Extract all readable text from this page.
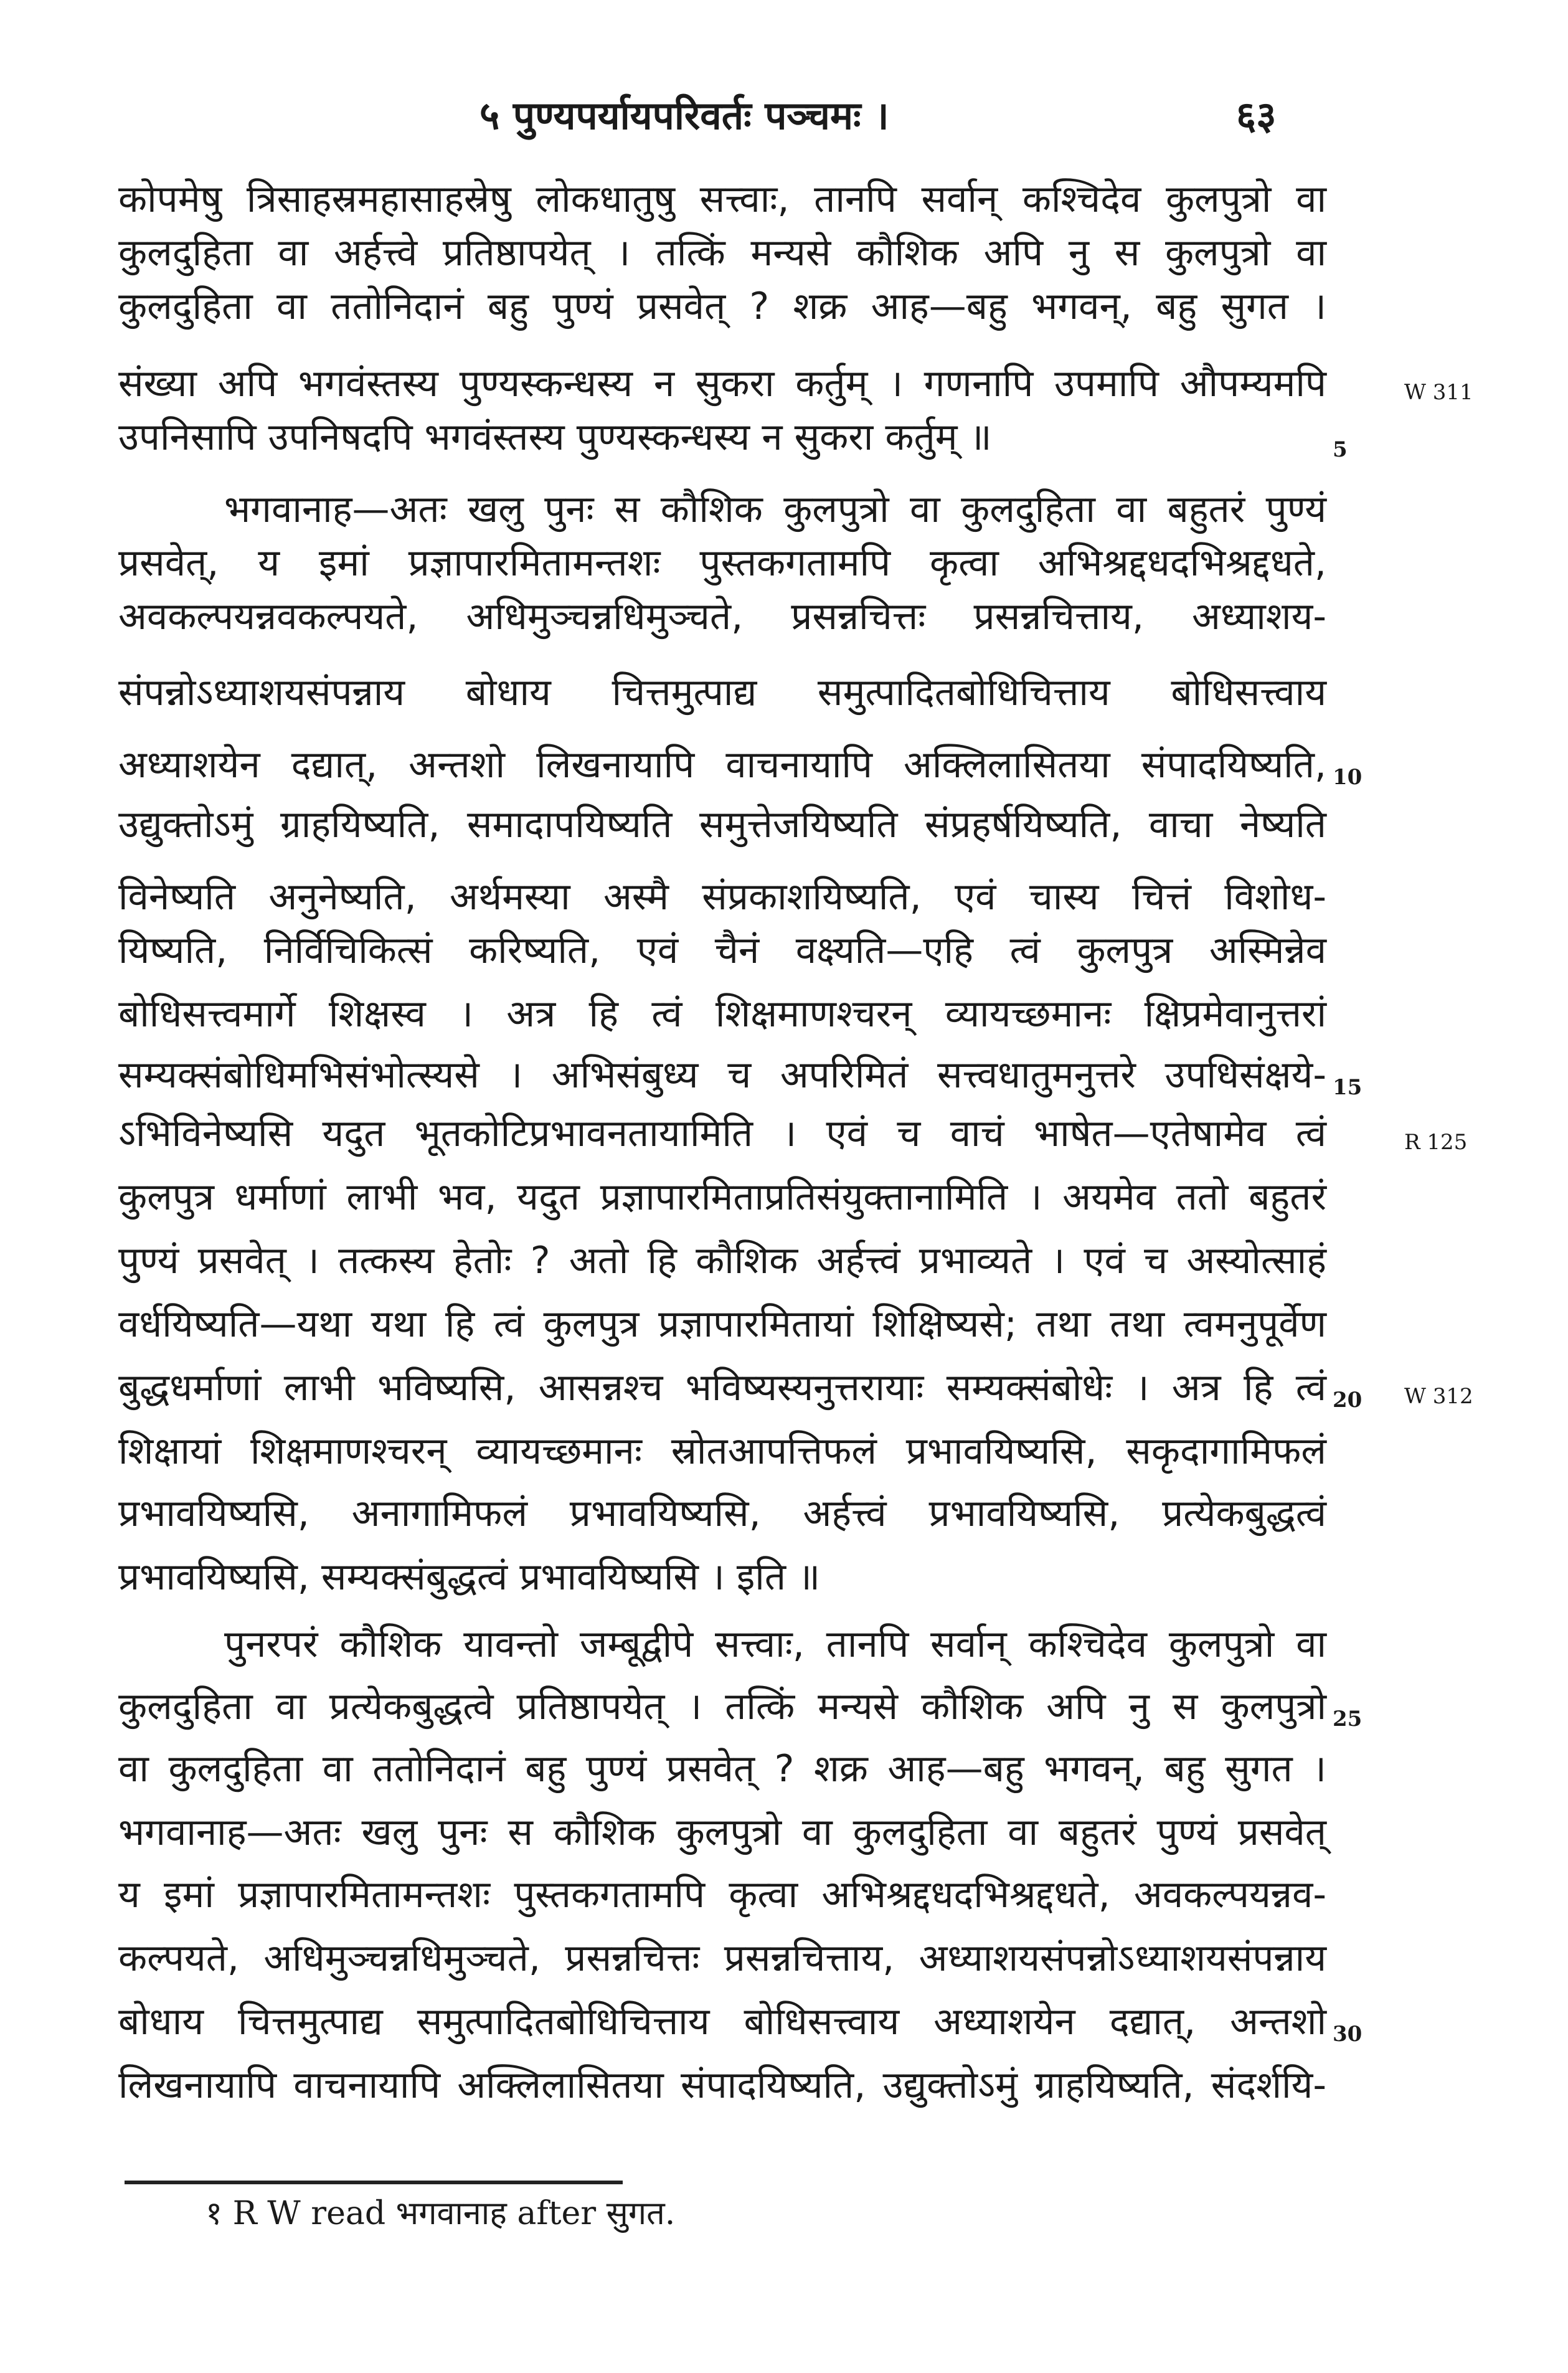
५ पुण्यपर्यायपरिवर्तः पञ्चमः ।	६३
कोपमेषु त्रिसाहस्रमहासाहस्रेषु लोकधातुषु सत्त्वाः, तानपि सर्वान् कश्चिदेव कुलपुत्रो वा
कुलदुहिता वा अर्हत्त्वे प्रतिष्ठापयेत् । तत्किं मन्यसे कौशिक अपि नु स कुलपुत्रो वा
कुलदुहिता वा ततोनिदानं बहु पुण्यं प्रसवेत् ? शक्र आह—बहु भगवन्, बहु सुगत ।
संख्या अपि भगवंस्तस्य पुण्यस्कन्धस्य न सुकरा कर्तुम् । गणनापि उपमापि औपम्यमपि
उपनिसापि उपनिषदपि भगवंस्तस्य पुण्यस्कन्धस्य न सुकरा कर्तुम् ॥
भगवानाह—अतः खलु पुनः स कौशिक कुलपुत्रो वा कुलदुहिता वा बहुतरं पुण्यं
प्रसवेत्, य इमां प्रज्ञापारमितामन्तशः पुस्तकगतामपि कृत्वा अभिश्रद्दधदभिश्रद्दधते,
अवकल्पयन्नवकल्पयते, अधिमुञ्चन्नधिमुञ्चते, प्रसन्नचित्तः प्रसन्नचित्ताय, अध्याशय-
संपन्नोऽध्याशयसंपन्नाय बोधाय चित्तमुत्पाद्य समुत्पादितबोधिचित्ताय बोधिसत्त्वाय
अध्याशयेन दद्यात्, अन्तशो लिखनायापि वाचनायापि अक्लिलासितया संपादयिष्यति,
उद्युक्तोऽमुं ग्राहयिष्यति, समादापयिष्यति समुत्तेजयिष्यति संप्रहर्षयिष्यति, वाचा नेष्यति
विनेष्यति अनुनेष्यति, अर्थमस्या अस्मै संप्रकाशयिष्यति, एवं चास्य चित्तं विशोध-
यिष्यति, निर्विचिकित्सं करिष्यति, एवं चैनं वक्ष्यति—एहि त्वं कुलपुत्र अस्मिन्नेव
बोधिसत्त्वमार्गे शिक्षस्व । अत्र हि त्वं शिक्षमाणश्चरन् व्यायच्छमानः क्षिप्रमेवानुत्तरां
सम्यक्संबोधिमभिसंभोत्स्यसे । अभिसंबुध्य च अपरिमितं सत्त्वधातुमनुत्तरे उपधिसंक्षये-
ऽभिविनेष्यसि यदुत भूतकोटिप्रभावनतायामिति । एवं च वाचं भाषेत—एतेषामेव त्वं
कुलपुत्र धर्माणां लाभी भव, यदुत प्रज्ञापारमिताप्रतिसंयुक्तानामिति । अयमेव ततो बहुतरं
पुण्यं प्रसवेत् । तत्कस्य हेतोः ? अतो हि कौशिक अर्हत्त्वं प्रभाव्यते । एवं च अस्योत्साहं
वर्धयिष्यति—यथा यथा हि त्वं कुलपुत्र प्रज्ञापारमितायां शिक्षिष्यसे; तथा तथा त्वमनुपूर्वेण
बुद्धधर्माणां लाभी भविष्यसि, आसन्नश्च भविष्यस्यनुत्तरायाः सम्यक्संबोधेः । अत्र हि त्वं
शिक्षायां शिक्षमाणश्चरन् व्यायच्छमानः स्रोतआपत्तिफलं प्रभावयिष्यसि, सकृदागामिफलं
प्रभावयिष्यसि, अनागामिफलं प्रभावयिष्यसि, अर्हत्त्वं प्रभावयिष्यसि, प्रत्येकबुद्धत्वं
प्रभावयिष्यसि, सम्यक्संबुद्धत्वं प्रभावयिष्यसि । इति ॥
पुनरपरं कौशिक यावन्तो जम्बूद्वीपे सत्त्वाः, तानपि सर्वान् कश्चिदेव कुलपुत्रो वा
कुलदुहिता वा प्रत्येकबुद्धत्वे प्रतिष्ठापयेत् । तत्किं मन्यसे कौशिक अपि नु स कुलपुत्रो
वा कुलदुहिता वा ततोनिदानं बहु पुण्यं प्रसवेत् ? शक्र आह—बहु भगवन्, बहु सुगत ।
भगवानाह—अतः खलु पुनः स कौशिक कुलपुत्रो वा कुलदुहिता वा बहुतरं पुण्यं प्रसवेत्
य इमां प्रज्ञापारमितामन्तशः पुस्तकगतामपि कृत्वा अभिश्रद्दधदभिश्रद्दधते, अवकल्पयन्नव-
कल्पयते, अधिमुञ्चन्नधिमुञ्चते, प्रसन्नचित्तः प्रसन्नचित्ताय, अध्याशयसंपन्नोऽध्याशयसंपन्नाय
बोधाय चित्तमुत्पाद्य समुत्पादितबोधिचित्ताय बोधिसत्त्वाय अध्याशयेन दद्यात्, अन्तशो
लिखनायापि वाचनायापि अक्लिलासितया संपादयिष्यति, उद्युक्तोऽमुं ग्राहयिष्यति, संदर्शयि-
5
10
15
20
25
30
W 311
R 125
W 312
१ R W read भगवानाह after सुगत.
